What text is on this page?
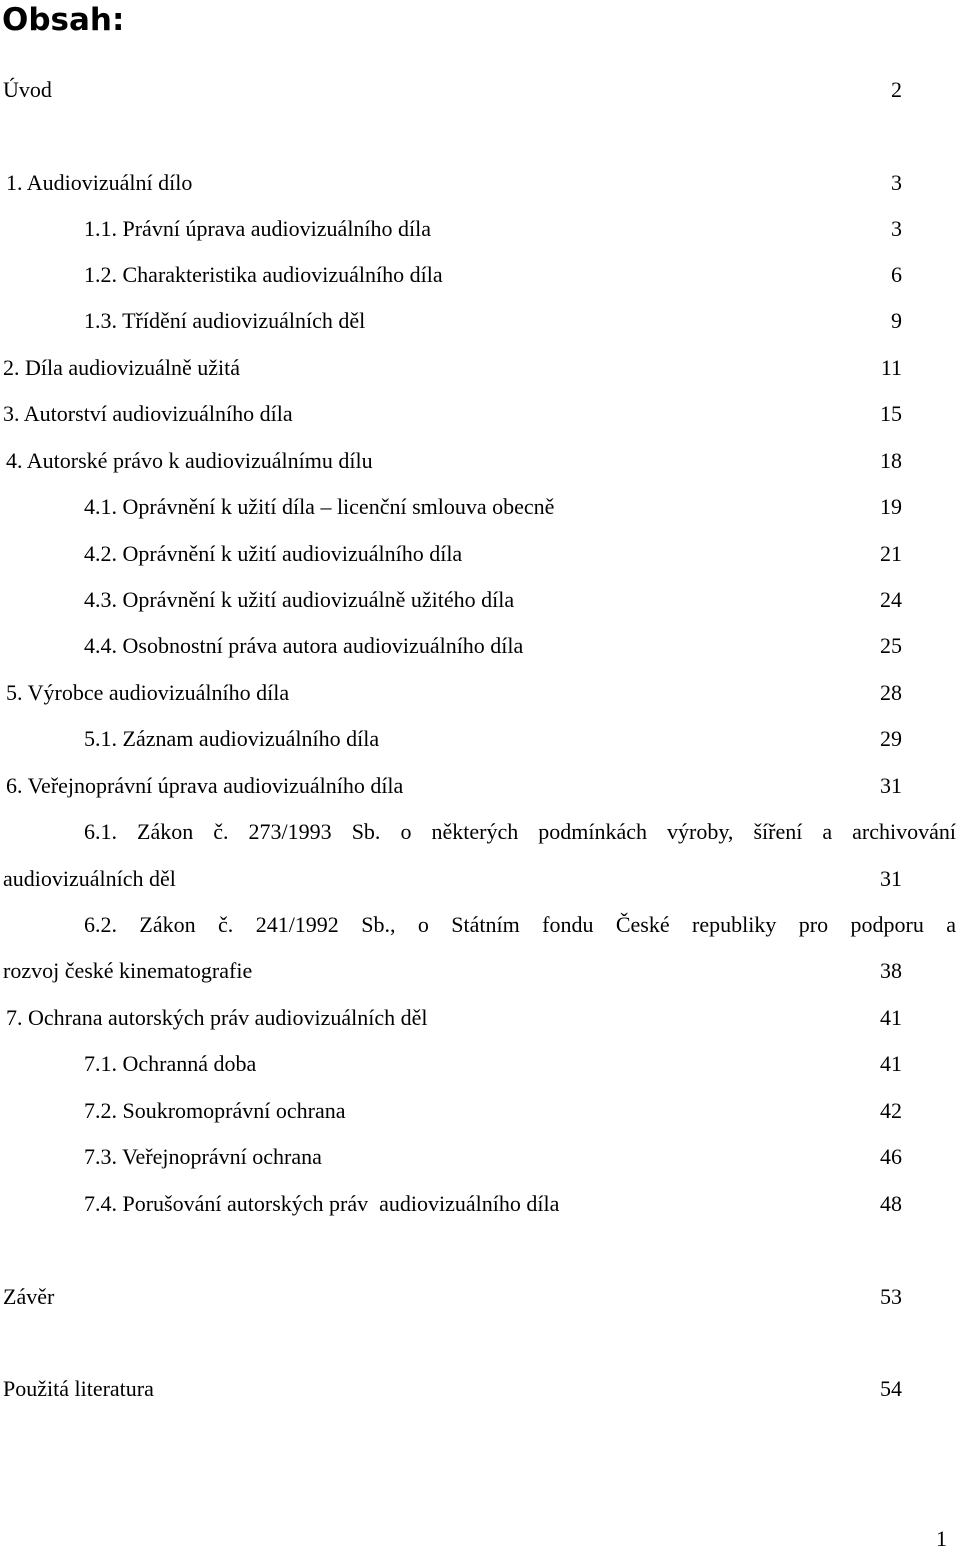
Obsah:
Úvod	2
1. Audiovizuální dílo	3
1.1. Právní úprava audiovizuálního díla	3
1.2. Charakteristika audiovizuálního díla	6
1.3. Třídění audiovizuálních děl	9
2. Díla audiovizuálně užitá	11
3. Autorství audiovizuálního díla	15
4. Autorské právo k audiovizuálnímu dílu	18
4.1. Oprávnění k užití díla – licenční smlouva obecně	19
4.2. Oprávnění k užití audiovizuálního díla	21
4.3. Oprávnění k užití audiovizuálně užitého díla	24
4.4. Osobnostní práva autora audiovizuálního díla	25
5. Výrobce audiovizuálního díla	28
5.1. Záznam audiovizuálního díla	29
6. Veřejnoprávní úprava audiovizuálního díla	31
6.1. Zákon č. 273/1993 Sb. o některých podmínkách výroby, šíření a archivování
audiovizuálních děl	31
6.2. Zákon č. 241/1992 Sb., o Státním fondu České republiky pro podporu a
rozvoj české kinematografie	38
7. Ochrana autorských práv audiovizuálních děl	41
7.1. Ochranná doba	41
7.2. Soukromoprávní ochrana	42
7.3. Veřejnoprávní ochrana	46
7.4. Porušování autorských práv  audiovizuálního díla	48
Závěr	53
Použitá literatura	54
1
